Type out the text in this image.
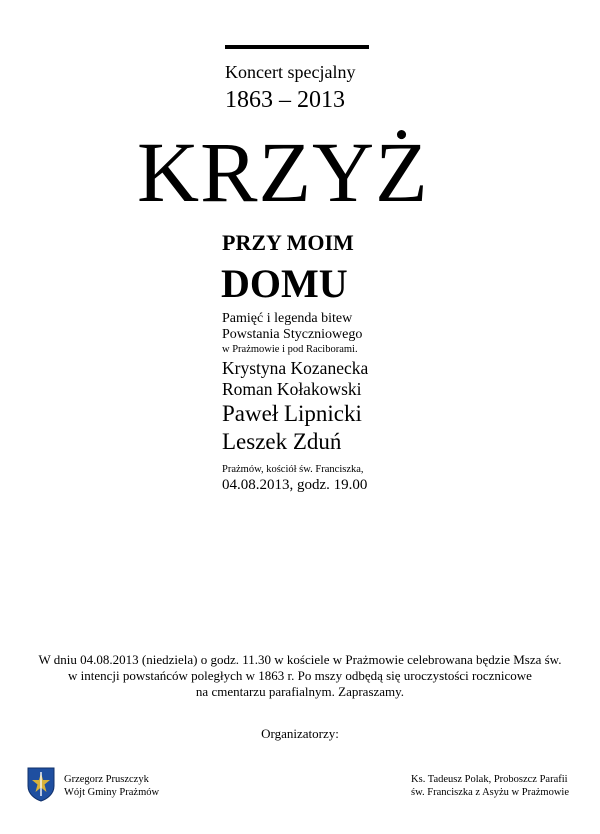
Koncert specjalny
1863 – 2013
KRZYŻ
PRZY MOIM
DOMU
Pamięć i legenda bitew
Powstania Styczniowego
w Prażmowie i pod Raciborami.
Krystyna Kozanecka
Roman Kołakowski
Paweł Lipnicki
Leszek Zduń
Prażmów, kościół św. Franciszka,
04.08.2013, godz. 19.00
W dniu 04.08.2013 (niedziela) o godz. 11.30 w kościele w Prażmowie celebrowana będzie Msza św.
w intencji powstańców poległych w 1863 r. Po mszy odbędą się uroczystości rocznicowe
na cmentarzu parafialnym. Zapraszamy.
Organizatorzy:
Grzegorz Pruszczyk
Wójt Gminy Prażmów
Ks. Tadeusz Polak, Proboszcz Parafii
św. Franciszka z Asyżu w Prażmowie
